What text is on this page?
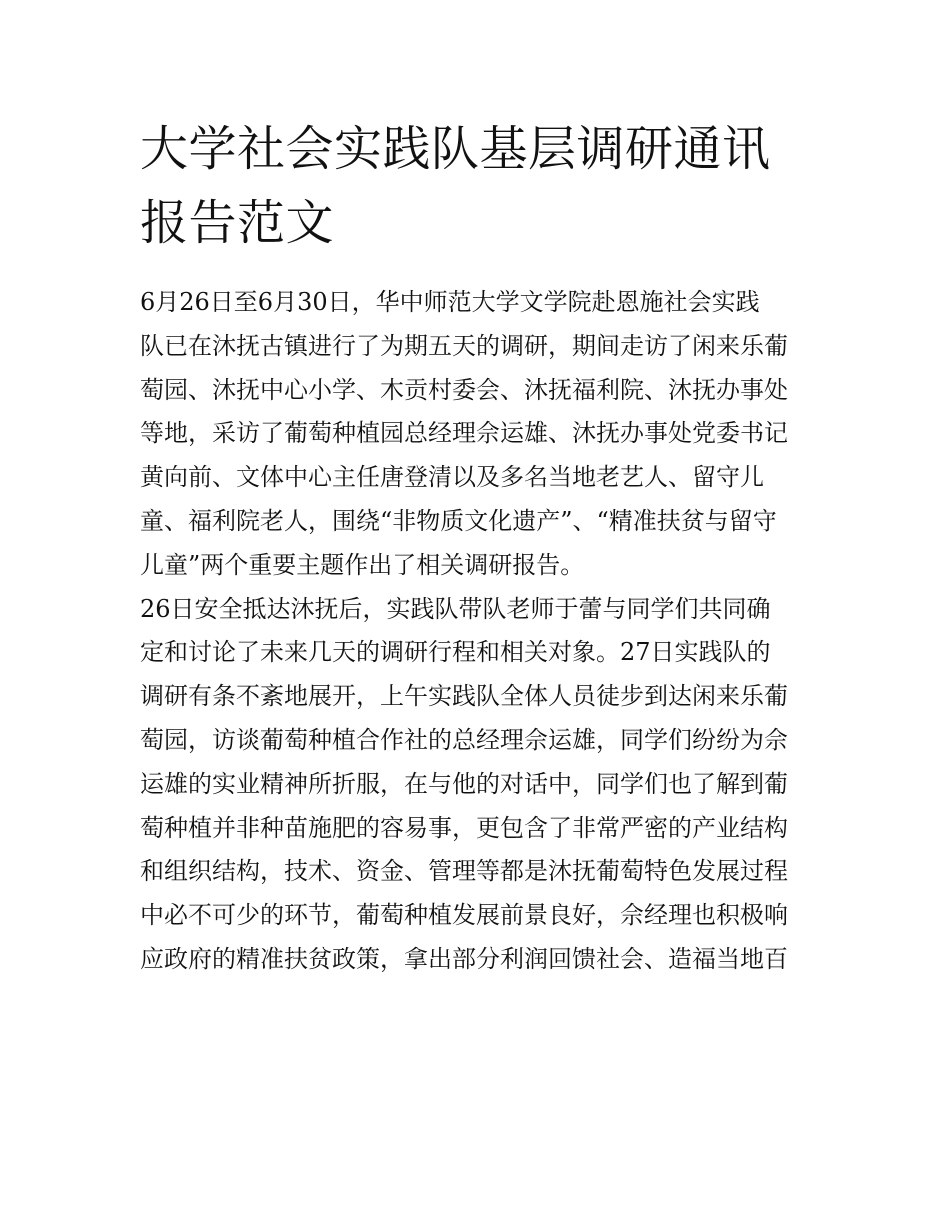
大学社会实践队基层调研通讯
报告范文
6月26日至6月30日，华中师范大学文学院赴恩施社会实践
队已在沐抚古镇进行了为期五天的调研，期间走访了闲来乐葡
萄园、沐抚中心小学、木贡村委会、沐抚福利院、沐抚办事处
等地，采访了葡萄种植园总经理佘运雄、沐抚办事处党委书记
黄向前、文体中心主任唐登清以及多名当地老艺人、留守儿
童、福利院老人，围绕“非物质文化遗产”、“精准扶贫与留守
儿童”两个重要主题作出了相关调研报告。
26日安全抵达沐抚后，实践队带队老师于蕾与同学们共同确
定和讨论了未来几天的调研行程和相关对象。27日实践队的
调研有条不紊地展开，上午实践队全体人员徒步到达闲来乐葡
萄园，访谈葡萄种植合作社的总经理佘运雄，同学们纷纷为佘
运雄的实业精神所折服，在与他的对话中，同学们也了解到葡
萄种植并非种苗施肥的容易事，更包含了非常严密的产业结构
和组织结构，技术、资金、管理等都是沐抚葡萄特色发展过程
中必不可少的环节，葡萄种植发展前景良好，佘经理也积极响
应政府的精准扶贫政策，拿出部分利润回馈社会、造福当地百
